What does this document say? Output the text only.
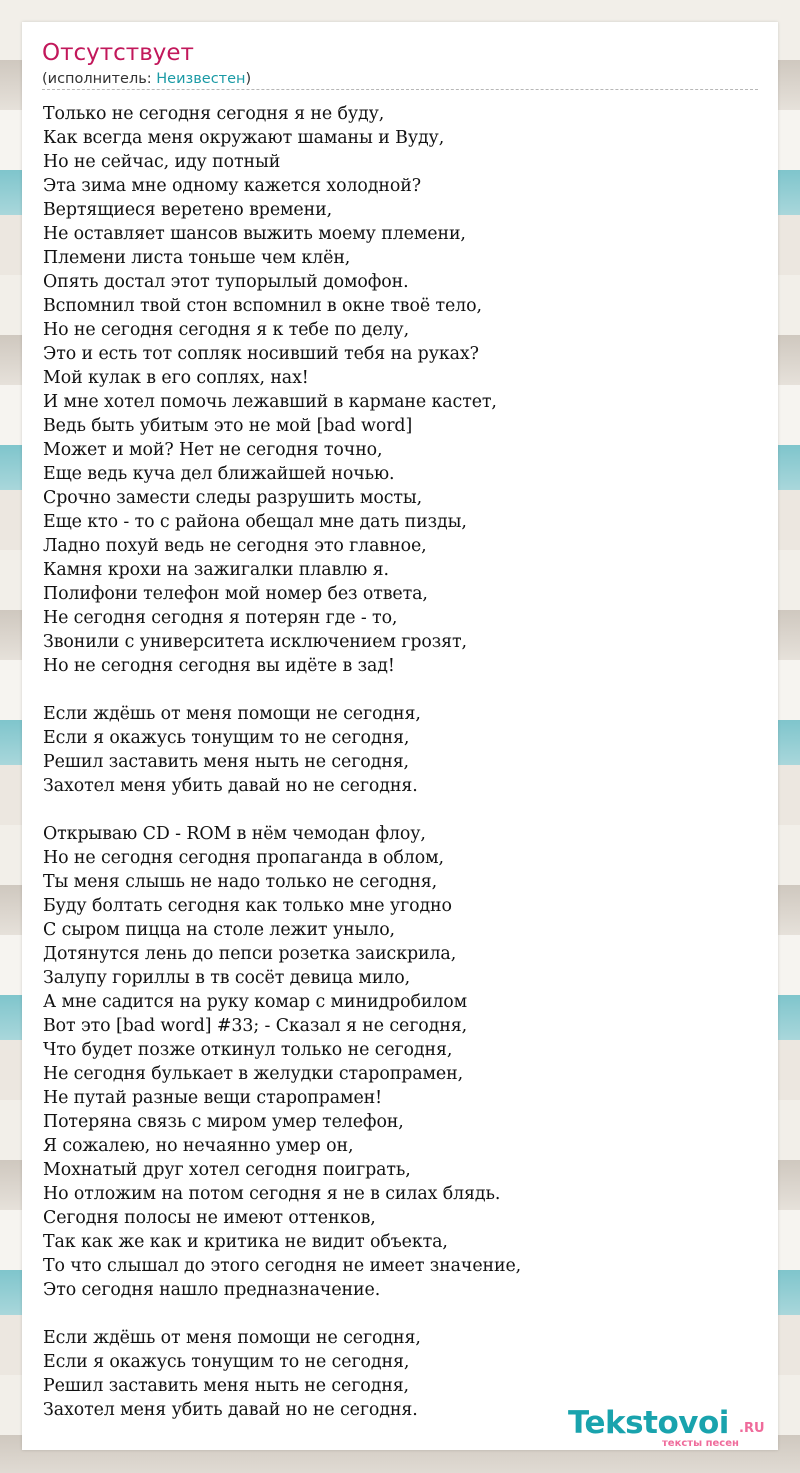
Отсутствует
(исполнитель: Неизвестен)
Только не сегодня сегодня я не буду,
Как всегда меня окружают шаманы и Вуду,
Но не сейчас, иду потный
Эта зима мне одному кажется холодной?
Вертящиеся веретено времени,
Не оставляет шансов выжить моему племени,
Племени листа тоньше чем клён,
Опять достал этот тупорылый домофон.
Вспомнил твой стон вспомнил в окне твоё тело,
Но не сегодня сегодня я к тебе по делу,
Это и есть тот сопляк носивший тебя на руках?
Мой кулак в его соплях, нах!
И мне хотел помочь лежавший в кармане кастет,
Ведь быть убитым это не мой [bad word]
Может и мой? Нет не сегодня точно,
Еще ведь куча дел ближайшей ночью.
Срочно замести следы разрушить мосты,
Еще кто - то с района обещал мне дать пизды,
Ладно похуй ведь не сегодня это главное,
Камня крохи на зажигалки плавлю я.
Полифони телефон мой номер без ответа,
Не сегодня сегодня я потерян где - то,
Звонили с университета исключением грозят,
Но не сегодня сегодня вы идёте в зад!

Если ждёшь от меня помощи не сегодня,
Если я окажусь тонущим то не сегодня,
Решил заставить меня ныть не сегодня,
Захотел меня убить давай но не сегодня.

Открываю CD - ROM в нём чемодан флоу,
Но не сегодня сегодня пропаганда в облом,
Ты меня слышь не надо только не сегодня,
Буду болтать сегодня как только мне угодно
С сыром пицца на столе лежит уныло,
Дотянутся лень до пепси розетка заискрила,
Залупу гориллы в тв сосёт девица мило,
А мне садится на руку комар с минидробилом
Вот это [bad word] #33; - Сказал я не сегодня,
Что будет позже откинул только не сегодня,
Не сегодня булькает в желудки старопрамен,
Не путай разные вещи старопрамен!
Потеряна связь с миром умер телефон,
Я сожалею, но нечаянно умер он,
Мохнатый друг хотел сегодня поиграть,
Но отложим на потом сегодня я не в силах блядь.
Сегодня полосы не имеют оттенков,
Так как же как и критика не видит объекта,
То что слышал до этого сегодня не имеет значение,
Это сегодня нашло предназначение.

Если ждёшь от меня помощи не сегодня,
Если я окажусь тонущим то не сегодня,
Решил заставить меня ныть не сегодня,
Захотел меня убить давай но не сегодня.	Tekstovoi .RU
тексты песен
